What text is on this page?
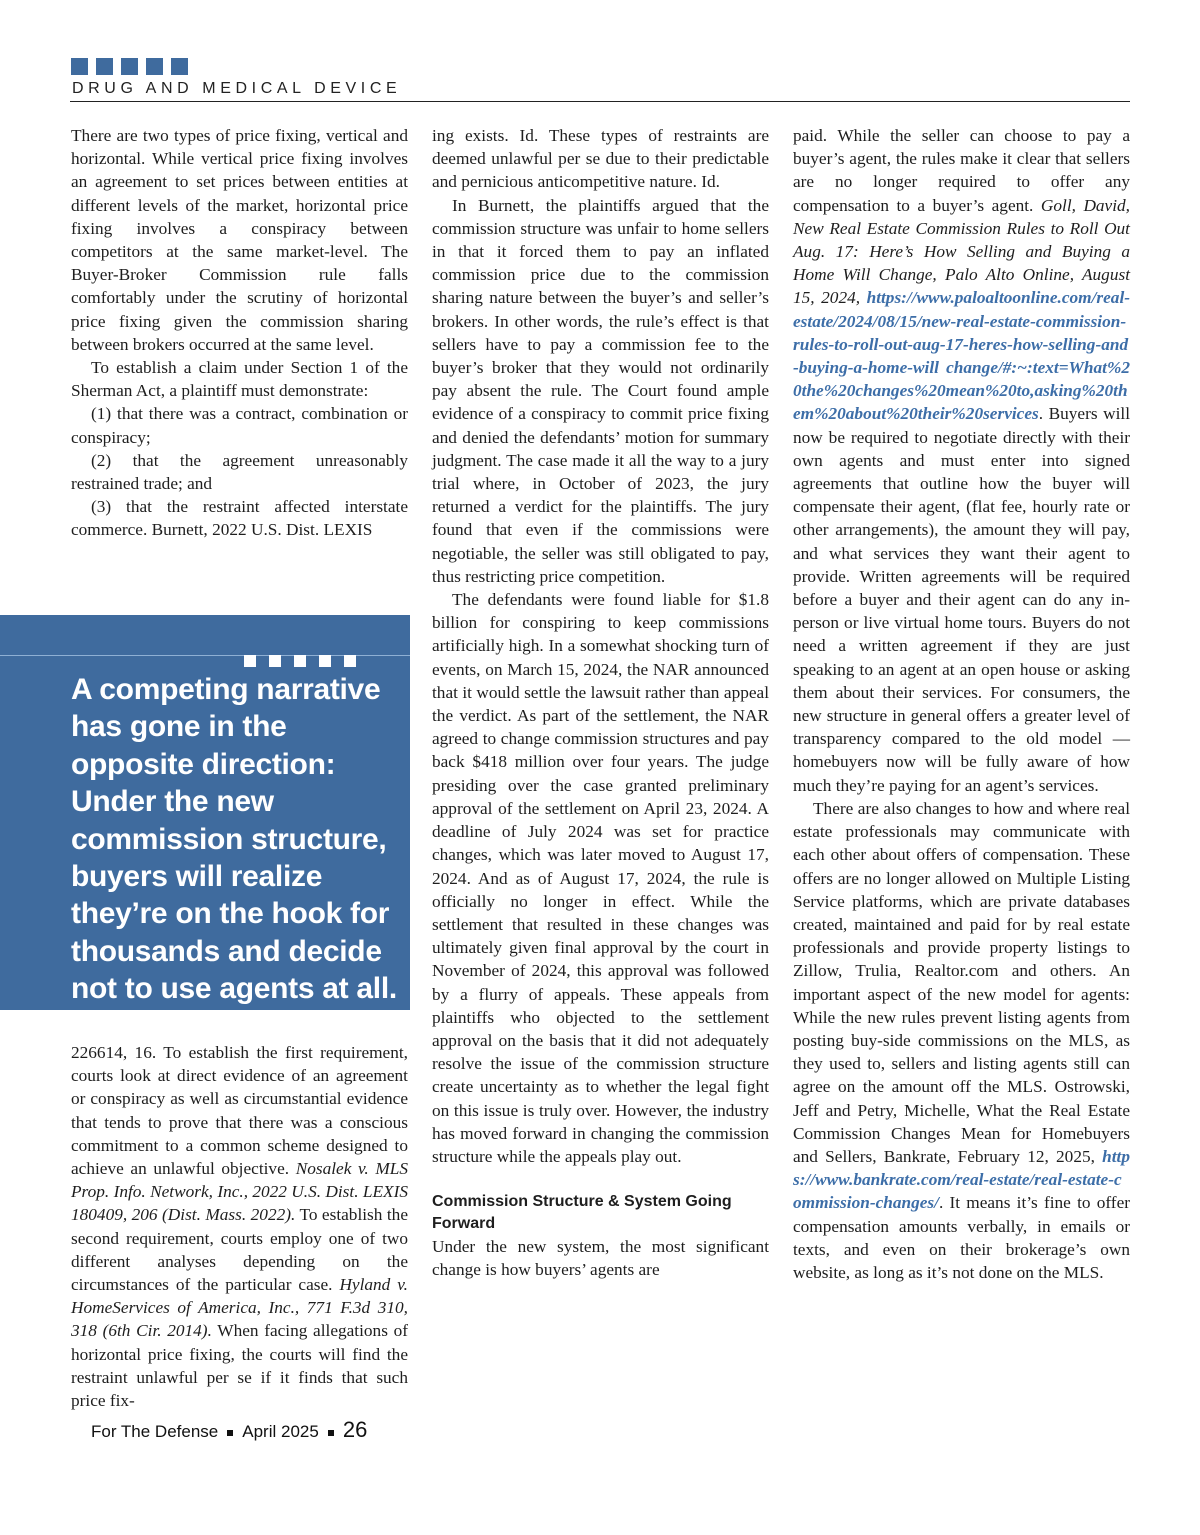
DRUG AND MEDICAL DEVICE

There are two types of price fixing, vertical and horizontal. While vertical price fixing involves an agreement to set prices between entities at different levels of the market, horizontal price fixing involves a conspiracy between competitors at the same market-level. The Buyer-Broker Commission rule falls comfortably under the scrutiny of horizontal price fixing given the commission sharing between brokers occurred at the same level.

To establish a claim under Section 1 of the Sherman Act, a plaintiff must demonstrate:

(1) that there was a contract, combination or conspiracy;

(2) that the agreement unreasonably restrained trade; and

(3) that the restraint affected interstate commerce. Burnett, 2022 U.S. Dist. LEXIS

A competing narrative has gone in the opposite direction: Under the new commission structure, buyers will realize they’re on the hook for thousands and decide not to use agents at all.

226614, 16. To establish the first requirement, courts look at direct evidence of an agreement or conspiracy as well as circumstantial evidence that tends to prove that there was a conscious commitment to a common scheme designed to achieve an unlawful objective. Nosalek v. MLS Prop. Info. Network, Inc., 2022 U.S. Dist. LEXIS 180409, 206 (Dist. Mass. 2022). To establish the second requirement, courts employ one of two different analyses depending on the circumstances of the particular case. Hyland v. HomeServices of America, Inc., 771 F.3d 310, 318 (6th Cir. 2014). When facing allegations of horizontal price fixing, the courts will find the restraint unlawful per se if it finds that such price fix-

ing exists. Id. These types of restraints are deemed unlawful per se due to their predictable and pernicious anticompetitive nature. Id.

In Burnett, the plaintiffs argued that the commission structure was unfair to home sellers in that it forced them to pay an inflated commission price due to the commission sharing nature between the buyer’s and seller’s brokers. In other words, the rule’s effect is that sellers have to pay a commission fee to the buyer’s broker that they would not ordinarily pay absent the rule. The Court found ample evidence of a conspiracy to commit price fixing and denied the defendants’ motion for summary judgment. The case made it all the way to a jury trial where, in October of 2023, the jury returned a verdict for the plaintiffs. The jury found that even if the commissions were negotiable, the seller was still obligated to pay, thus restricting price competition.

The defendants were found liable for $1.8 billion for conspiring to keep commissions artificially high. In a somewhat shocking turn of events, on March 15, 2024, the NAR announced that it would settle the lawsuit rather than appeal the verdict. As part of the settlement, the NAR agreed to change commission structures and pay back $418 million over four years. The judge presiding over the case granted preliminary approval of the settlement on April 23, 2024. A deadline of July 2024 was set for practice changes, which was later moved to August 17, 2024. And as of August 17, 2024, the rule is officially no longer in effect. While the settlement that resulted in these changes was ultimately given final approval by the court in November of 2024, this approval was followed by a flurry of appeals. These appeals from plaintiffs who objected to the settlement approval on the basis that it did not adequately resolve the issue of the commission structure create uncertainty as to whether the legal fight on this issue is truly over. However, the industry has moved forward in changing the commission structure while the appeals play out.

Commission Structure & System Going Forward

Under the new system, the most significant change is how buyers’ agents are

paid. While the seller can choose to pay a buyer’s agent, the rules make it clear that sellers are no longer required to offer any compensation to a buyer’s agent. Goll, David, New Real Estate Commission Rules to Roll Out Aug. 17: Here’s How Selling and Buying a Home Will Change, Palo Alto Online, August 15, 2024, https://www.paloaltoonline.com/real-estate/2024/08/15/new-real-estate-commission-rules-to-roll-out-aug-17-heres-how-selling-and-buying-a-home-will change/#:~:text=What%20the%20changes%20mean%20to,asking%20them%20about%20their%20services. Buyers will now be required to negotiate directly with their own agents and must enter into signed agreements that outline how the buyer will compensate their agent, (flat fee, hourly rate or other arrangements), the amount they will pay, and what services they want their agent to provide. Written agreements will be required before a buyer and their agent can do any in-person or live virtual home tours. Buyers do not need a written agreement if they are just speaking to an agent at an open house or asking them about their services. For consumers, the new structure in general offers a greater level of transparency compared to the old model — homebuyers now will be fully aware of how much they’re paying for an agent’s services.

There are also changes to how and where real estate professionals may communicate with each other about offers of compensation. These offers are no longer allowed on Multiple Listing Service platforms, which are private databases created, maintained and paid for by real estate professionals and provide property listings to Zillow, Trulia, Realtor.com and others. An important aspect of the new model for agents: While the new rules prevent listing agents from posting buy-side commissions on the MLS, as they used to, sellers and listing agents still can agree on the amount off the MLS. Ostrowski, Jeff and Petry, Michelle, What the Real Estate Commission Changes Mean for Homebuyers and Sellers, Bankrate, February 12, 2025, https://www.bankrate.com/real-estate/real-estate-commission-changes/. It means it’s fine to offer compensation amounts verbally, in emails or texts, and even on their brokerage’s own website, as long as it’s not done on the MLS.

For The Defense April 2025 26
